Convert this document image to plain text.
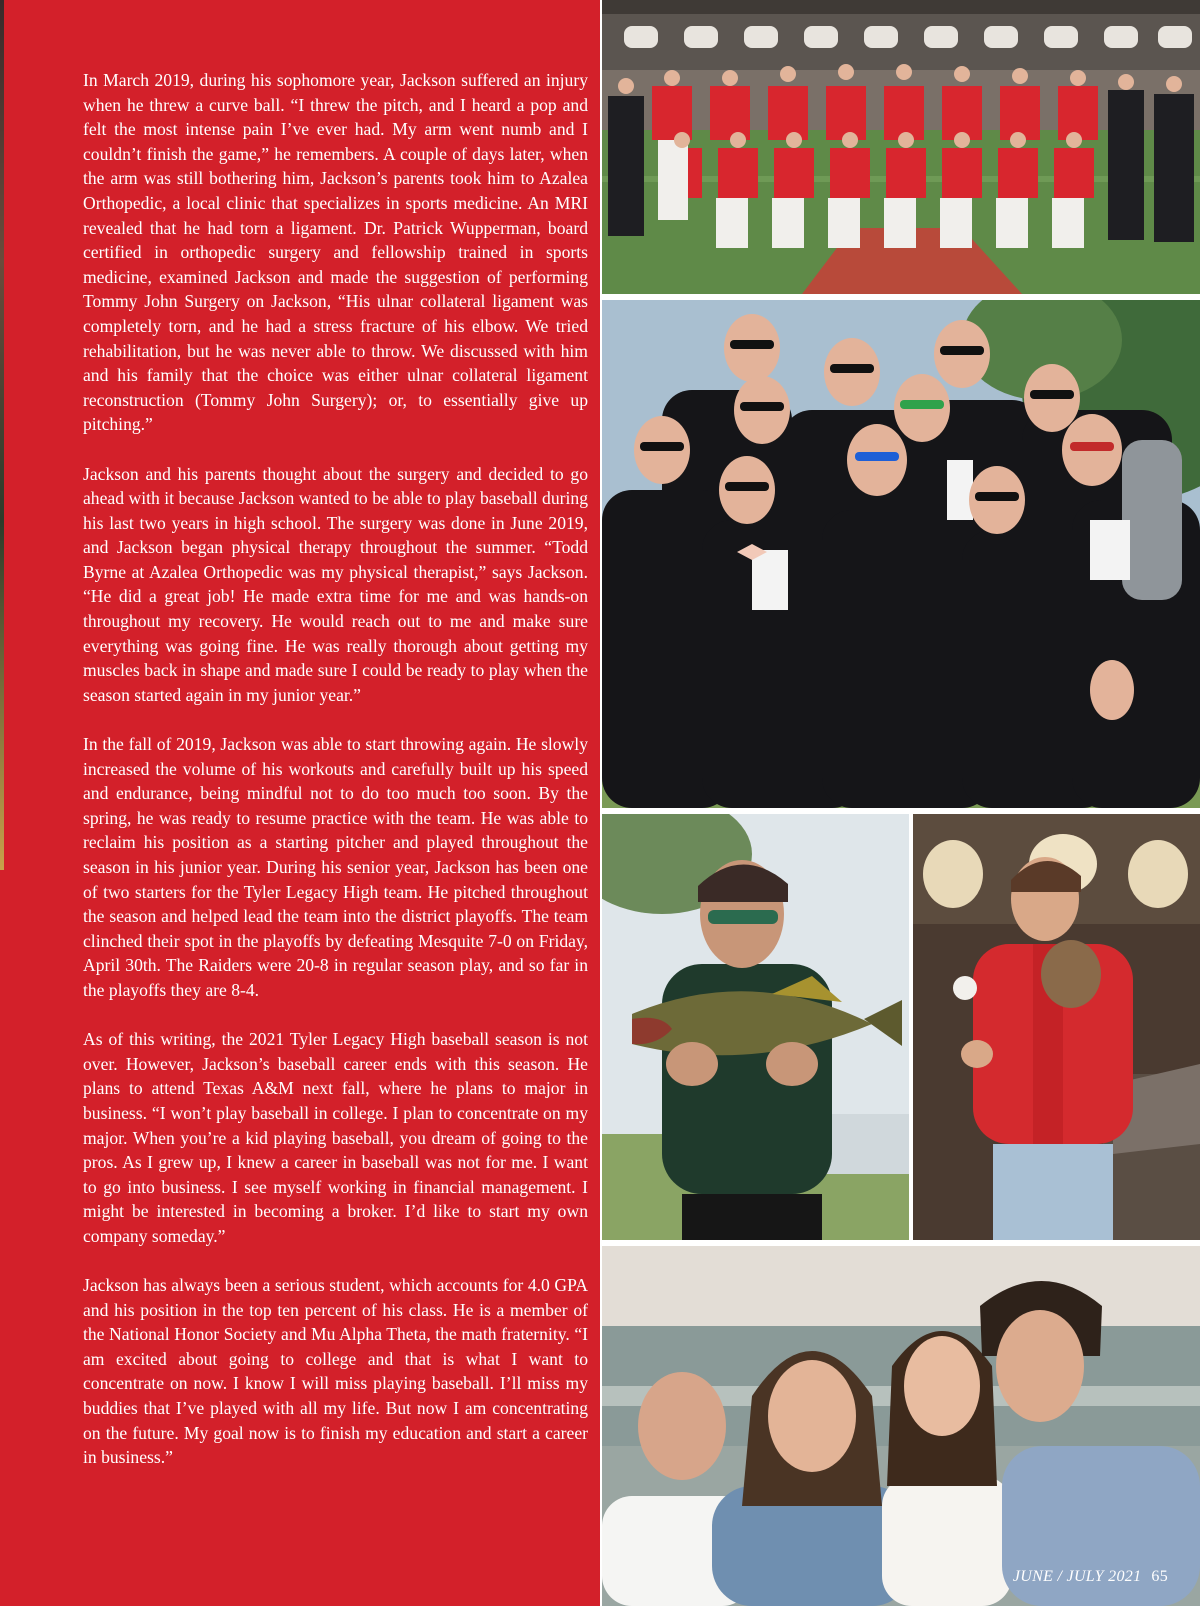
In March 2019, during his sophomore year, Jackson suffered an injury when he threw a curve ball. “I threw the pitch, and I heard a pop and felt the most intense pain I’ve ever had. My arm went numb and I couldn’t finish the game,” he remembers. A couple of days later, when the arm was still bothering him, Jackson’s parents took him to Azalea Orthopedic, a local clinic that specializes in sports medicine. An MRI revealed that he had torn a ligament. Dr. Patrick Wupperman, board certified in orthopedic surgery and fellowship trained in sports medicine, examined Jackson and made the suggestion of performing Tommy John Surgery on Jackson, “His ulnar collateral ligament was completely torn, and he had a stress fracture of his elbow. We tried rehabilitation, but he was never able to throw. We discussed with him and his family that the choice was either ulnar collateral ligament reconstruction (Tommy John Surgery); or, to essentially give up pitching.”

Jackson and his parents thought about the surgery and decided to go ahead with it because Jackson wanted to be able to play baseball during his last two years in high school. The surgery was done in June 2019, and Jackson began physical therapy throughout the summer. “Todd Byrne at Azalea Orthopedic was my physical therapist,” says Jackson. “He did a great job! He made extra time for me and was hands-on throughout my recovery. He would reach out to me and make sure everything was going fine. He was really thorough about getting my muscles back in shape and made sure I could be ready to play when the season started again in my junior year.”

In the fall of 2019, Jackson was able to start throwing again. He slowly increased the volume of his workouts and carefully built up his speed and endurance, being mindful not to do too much too soon. By the spring, he was ready to resume practice with the team. He was able to reclaim his position as a starting pitcher and played throughout the season in his junior year. During his senior year, Jackson has been one of two starters for the Tyler Legacy High team. He pitched throughout the season and helped lead the team into the district playoffs. The team clinched their spot in the playoffs by defeating Mesquite 7-0 on Friday, April 30th. The Raiders were 20-8 in regular season play, and so far in the playoffs they are 8-4.

As of this writing, the 2021 Tyler Legacy High baseball season is not over. However, Jackson’s baseball career ends with this season. He plans to attend Texas A&M next fall, where he plans to major in business. “I won’t play baseball in college. I plan to concentrate on my major. When you’re a kid playing baseball, you dream of going to the pros. As I grew up, I knew a career in baseball was not for me. I want to go into business. I see myself working in financial management. I might be interested in becoming a broker. I’d like to start my own company someday.”

Jackson has always been a serious student, which accounts for 4.0 GPA and his position in the top ten percent of his class. He is a member of the National Honor Society and Mu Alpha Theta, the math fraternity. “I am excited about going to college and that is what I want to concentrate on now. I know I will miss playing baseball. I’ll miss my buddies that I’ve played with all my life. But now I am concentrating on the future. My goal now is to finish my education and start a career in business.”

JUNE / JULY 2021 65
